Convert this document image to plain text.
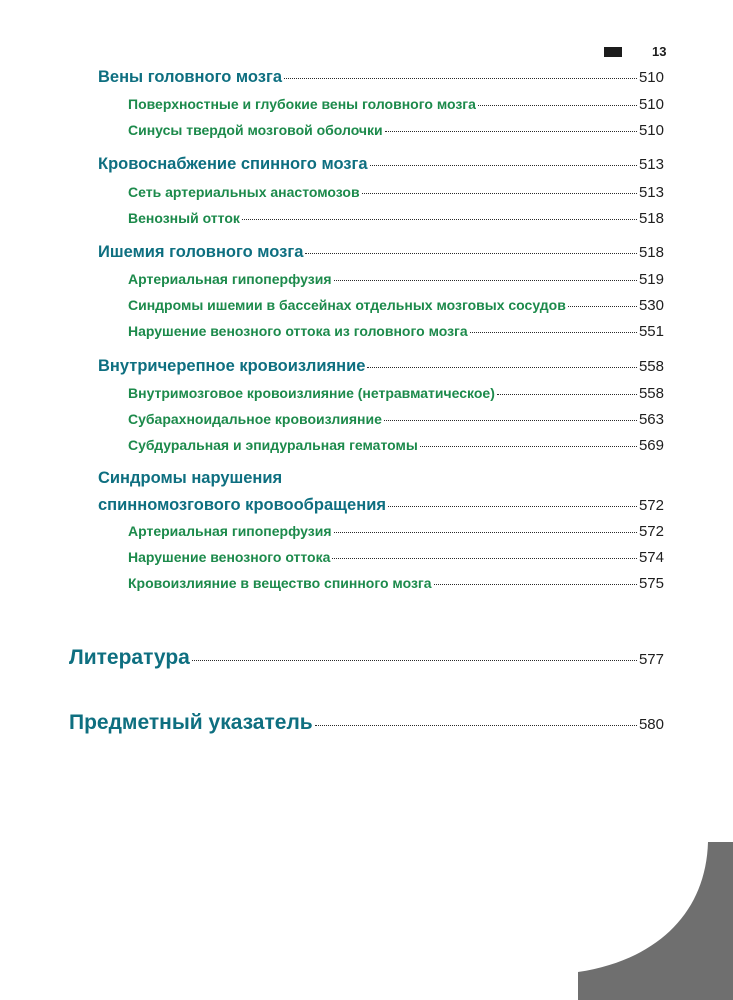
13
Вены головного мозга	510
Поверхностные и глубокие вены головного мозга	510
Синусы твердой мозговой оболочки	510
Кровоснабжение спинного мозга	513
Сеть артериальных анастомозов	513
Венозный отток	518
Ишемия головного мозга	518
Артериальная гипоперфузия	519
Синдромы ишемии в бассейнах отдельных мозговых сосудов	530
Нарушение венозного оттока из головного мозга	551
Внутричерепное кровоизлияние	558
Внутримозговое кровоизлияние (нетравматическое)	558
Субарахноидальное кровоизлияние	563
Субдуральная и эпидуральная гематомы	569
Синдромы нарушения
спинномозгового кровообращения	572
Артериальная гипоперфузия	572
Нарушение венозного оттока	574
Кровоизлияние в вещество спинного мозга	575
Литература	577
Предметный указатель	580
